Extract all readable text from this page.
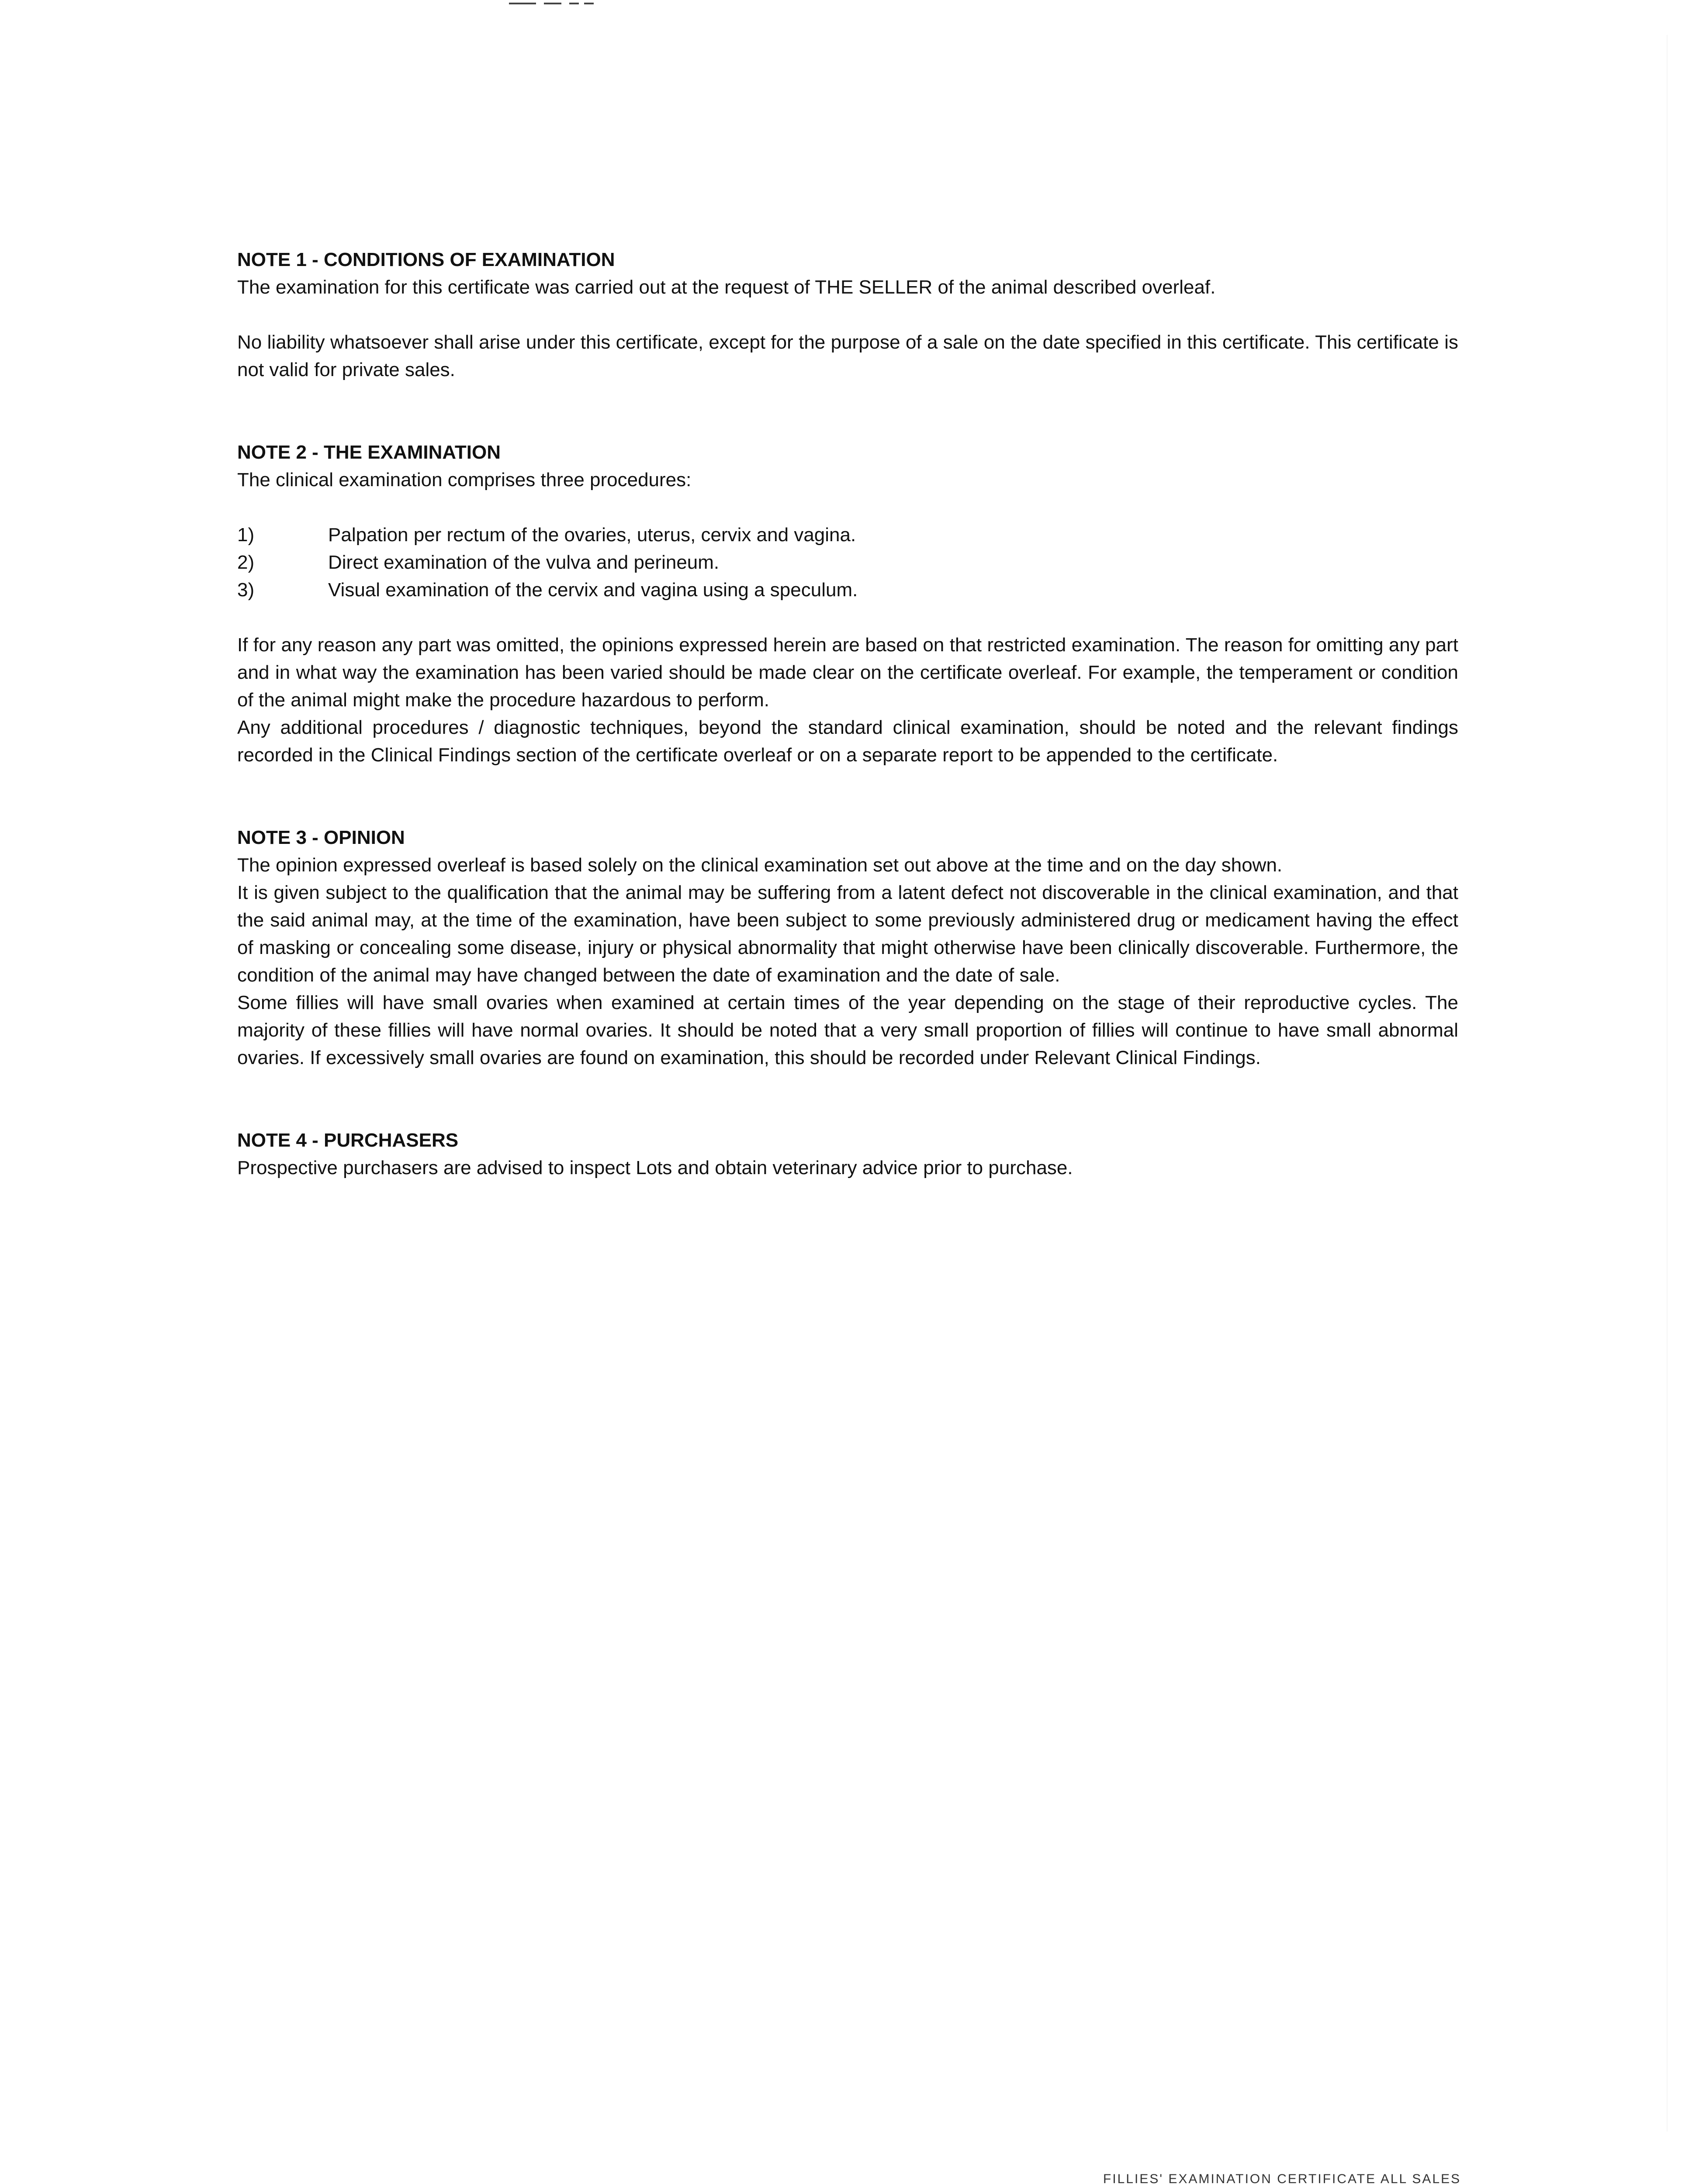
NOTE 1 - CONDITIONS OF EXAMINATION

The examination for this certificate was carried out at the request of THE SELLER of the animal described overleaf.

No liability whatsoever shall arise under this certificate, except for the purpose of a sale on the date specified in this certificate. This certificate is not valid for private sales.

NOTE 2 - THE EXAMINATION

The clinical examination comprises three procedures:

1)	Palpation per rectum of the ovaries, uterus, cervix and vagina.
2)	Direct examination of the vulva and perineum.
3)	Visual examination of the cervix and vagina using a speculum.

If for any reason any part was omitted, the opinions expressed herein are based on that restricted examination. The reason for omitting any part and in what way the examination has been varied should be made clear on the certificate overleaf. For example, the temperament or condition of the animal might make the procedure hazardous to perform.

Any additional procedures / diagnostic techniques, beyond the standard clinical examination, should be noted and the relevant findings recorded in the Clinical Findings section of the certificate overleaf or on a separate report to be appended to the certificate.

NOTE 3 - OPINION

The opinion expressed overleaf is based solely on the clinical examination set out above at the time and on the day shown.

It is given subject to the qualification that the animal may be suffering from a latent defect not discoverable in the clinical examination, and that the said animal may, at the time of the examination, have been subject to some previously administered drug or medicament having the effect of masking or concealing some disease, injury or physical abnormality that might otherwise have been clinically discoverable. Furthermore, the condition of the animal may have changed between the date of examination and the date of sale.

Some fillies will have small ovaries when examined at certain times of the year depending on the stage of their reproductive cycles. The majority of these fillies will have normal ovaries. It should be noted that a very small proportion of fillies will continue to have small abnormal ovaries. If excessively small ovaries are found on examination, this should be recorded under Relevant Clinical Findings.

NOTE 4 - PURCHASERS

Prospective purchasers are advised to inspect Lots and obtain veterinary advice prior to purchase.

FILLIES' EXAMINATION CERTIFICATE ALL SALES
